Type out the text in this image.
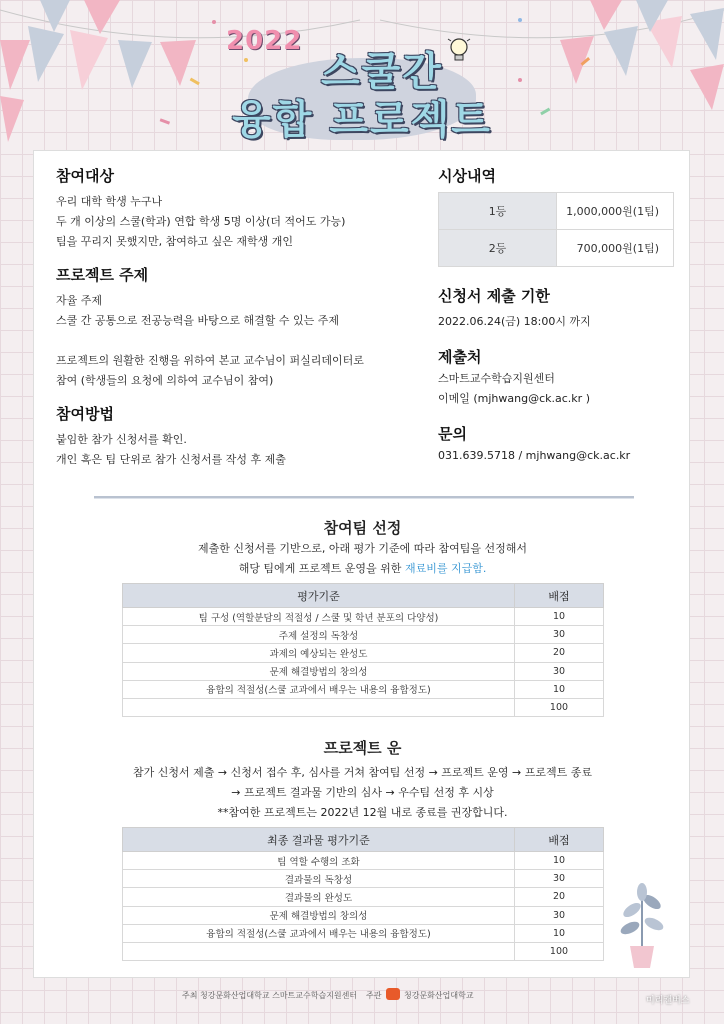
2022
스쿨간
융합 프로젝트
참여대상
우리 대학 학생 누구나
두 개 이상의 스쿨(학과) 연합 학생 5명 이상(더 적어도 가능)
팀을 꾸리지 못했지만, 참여하고 싶은 재학생 개인
프로젝트 주제
자율 주제
스쿨 간 공통으로 전공능력을 바탕으로 해결할 수 있는 주제

프로젝트의 원활한 진행을 위하여 본교 교수님이 퍼실리데이터로
참여 (학생들의 요청에 의하여 교수님이 참여)
참여방법
붙임한 참가 신청서를 확인.
개인 혹은 팀 단위로 참가 신청서를 작성 후 제출
시상내역
1등	1,000,000원(1팀)
2등	700,000원(1팀)
신청서 제출 기한
2022.06.24(금) 18:00시 까지
제출처
스마트교수학습지원센터
이메일 (mjhwang@ck.ac.kr )
문의
031.639.5718 / mjhwang@ck.ac.kr
참여팀 선정
제출한 신청서를 기반으로, 아래 평가 기준에 따라 참여팀을 선정해서
해당 팀에게 프로젝트 운영을 위한 재료비를 지급함.
평가기준	배점
팀 구성 (역할분담의 적절성 / 스쿨 및 학년 분포의 다양성)	10
주제 설정의 독창성	30
과제의 예상되는 완성도	20
문제 해결방법의 창의성	30
융합의 적절성(스쿨 교과에서 배우는 내용의 융합정도)	10
	100
프로젝트 운
참가 신청서 제출 → 신청서 접수 후, 심사를 거쳐 참여팀 선정 → 프로젝트 운영 → 프로젝트 종료
→ 프로젝트 결과물 기반의 심사 → 우수팀 선정 후 시상
**참여한 프로젝트는 2022년 12월 내로 종료를 권장합니다.
최종 결과물 평가기준	배점
팀 역할 수행의 조화	10
결과물의 독창성	30
결과물의 완성도	20
문제 해결방법의 창의성	30
융합의 적절성(스쿨 교과에서 배우는 내용의 융합정도)	10
	100
주최 청강문화산업대학교 스마트교수학습지원센터 주관	청강문화산업대학교
미리캔버스
